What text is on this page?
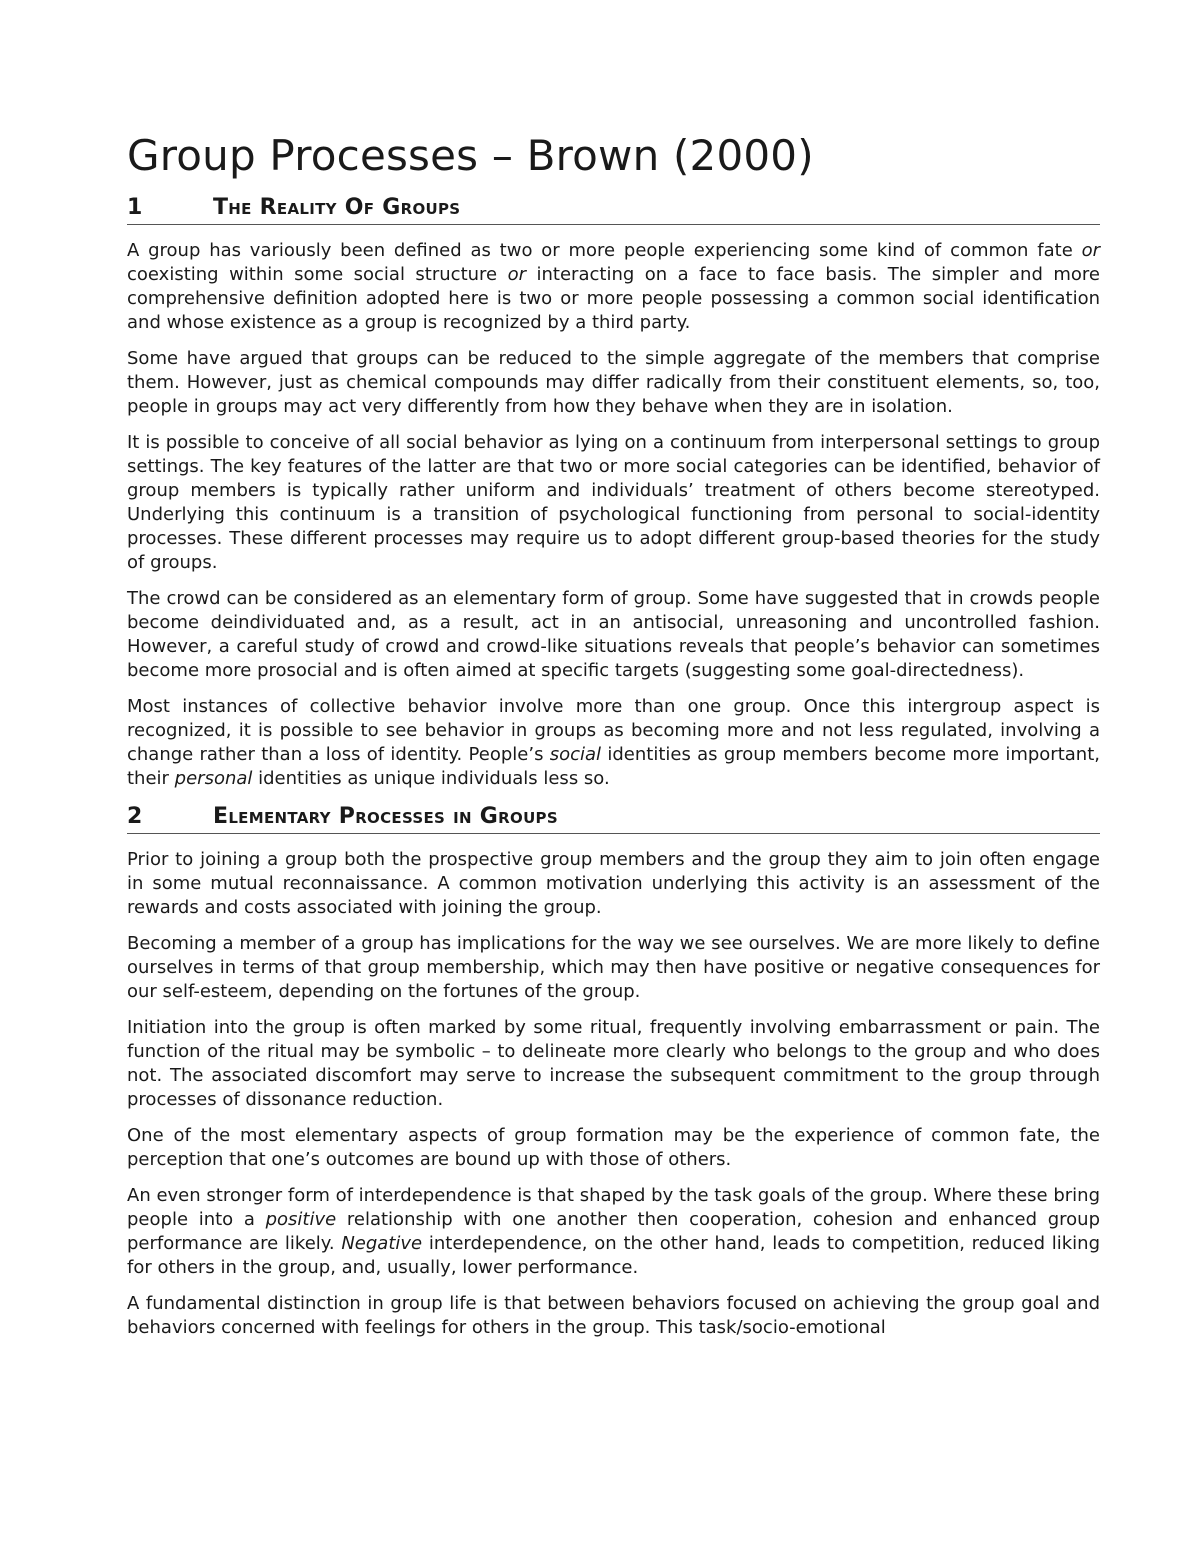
Group Processes – Brown (2000)
1	The Reality Of Groups

A group has variously been defined as two or more people experiencing some kind of common fate or coexisting within some social structure or interacting on a face to face basis. The simpler and more comprehensive definition adopted here is two or more people possessing a common social identification and whose existence as a group is recognized by a third party.

Some have argued that groups can be reduced to the simple aggregate of the members that comprise them. However, just as chemical compounds may differ radically from their constituent elements, so, too, people in groups may act very differently from how they behave when they are in isolation.

It is possible to conceive of all social behavior as lying on a continuum from interpersonal settings to group settings. The key features of the latter are that two or more social categories can be identified, behavior of group members is typically rather uniform and individuals’ treatment of others become stereotyped. Underlying this continuum is a transition of psychological functioning from personal to social-identity processes. These different processes may require us to adopt different group-based theories for the study of groups.

The crowd can be considered as an elementary form of group. Some have suggested that in crowds people become deindividuated and, as a result, act in an antisocial, unreasoning and uncontrolled fashion. However, a careful study of crowd and crowd-like situations reveals that people’s behavior can sometimes become more prosocial and is often aimed at specific targets (suggesting some goal-directedness).

Most instances of collective behavior involve more than one group. Once this intergroup aspect is recognized, it is possible to see behavior in groups as becoming more and not less regulated, involving a change rather than a loss of identity. People’s social identities as group members become more important, their personal identities as unique individuals less so.

2	Elementary Processes in Groups

Prior to joining a group both the prospective group members and the group they aim to join often engage in some mutual reconnaissance. A common motivation underlying this activity is an assessment of the rewards and costs associated with joining the group.

Becoming a member of a group has implications for the way we see ourselves. We are more likely to define ourselves in terms of that group membership, which may then have positive or negative consequences for our self-esteem, depending on the fortunes of the group.

Initiation into the group is often marked by some ritual, frequently involving embarrassment or pain. The function of the ritual may be symbolic – to delineate more clearly who belongs to the group and who does not. The associated discomfort may serve to increase the subsequent commitment to the group through processes of dissonance reduction.

One of the most elementary aspects of group formation may be the experience of common fate, the perception that one’s outcomes are bound up with those of others.

An even stronger form of interdependence is that shaped by the task goals of the group. Where these bring people into a positive relationship with one another then cooperation, cohesion and enhanced group performance are likely. Negative interdependence, on the other hand, leads to competition, reduced liking for others in the group, and, usually, lower performance.

A fundamental distinction in group life is that between behaviors focused on achieving the group goal and behaviors concerned with feelings for others in the group. This task/socio-emotional
